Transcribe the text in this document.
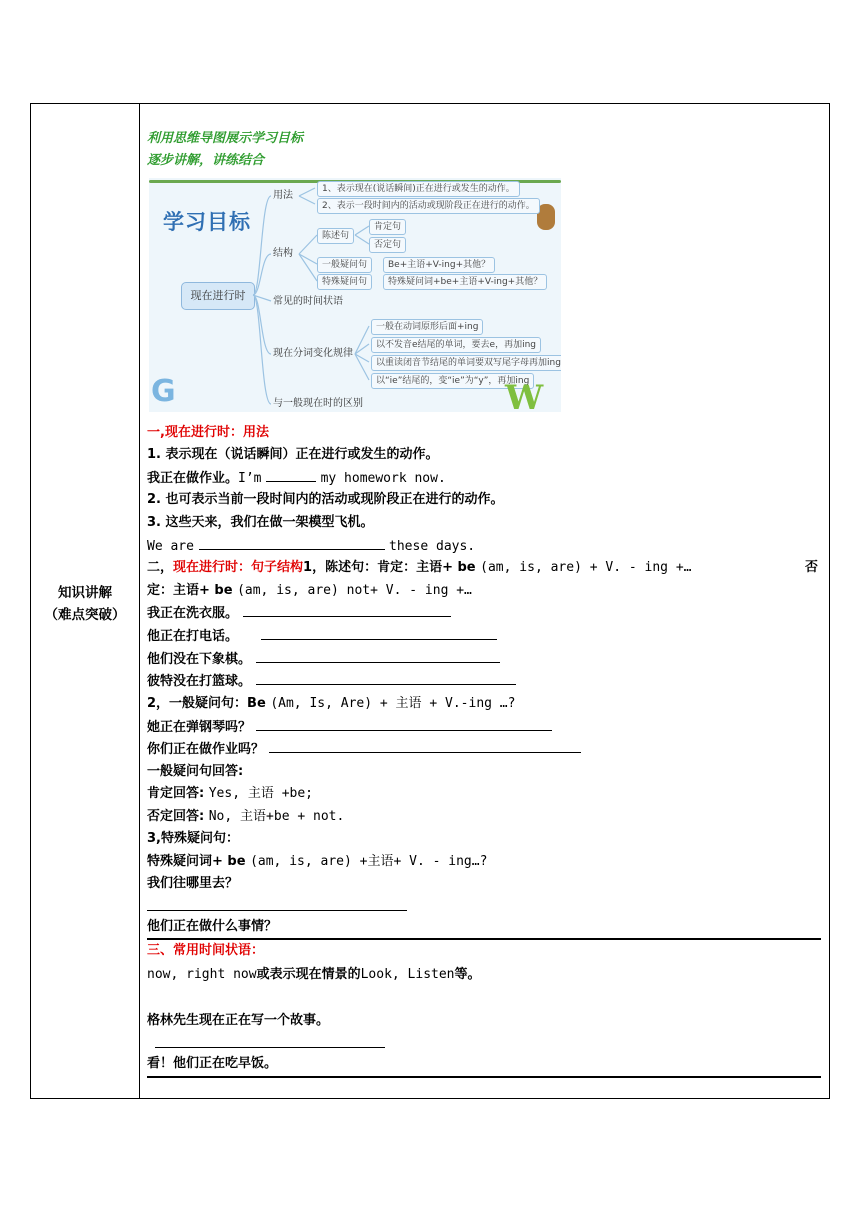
知识讲解
（难点突破）
利用思维导图展示学习目标
逐步讲解，讲练结合
学习目标
现在进行时
用法
1、表示现在(说话瞬间)正在进行或发生的动作。
2、表示一段时间内的活动或现阶段正在进行的动作。
结构
陈述句
肯定句
否定句
一般疑问句	Be+主语+V-ing+其他？
特殊疑问句	特殊疑问词+be+主语+V-ing+其他？
常见的时间状语
现在分词变化规律
一般在动词原形后面+ing
以不发音e结尾的单词，要去e，再加ing
以重读闭音节结尾的单词要双写尾字母再加ing
以“ie”结尾的，变“ie”为“y”，再加ing
与一般现在时的区别
G	W
一,现在进行时：用法
1. 表示现在（说话瞬间）正在进行或发生的动作。
我正在做作业。I’m	my homework now.
2. 也可表示当前一段时间内的活动或现阶段正在进行的动作。
3. 这些天来，我们在做一架模型飞机。
We are	these days.
二，现在进行时：句子结构1，陈述句：肯定：主语+ be (am, is, are) + V. - ing +…	否
定：主语+ be (am, is, are) not+ V. - ing +…
我正在洗衣服。
他正在打电话。
他们没在下象棋。
彼特没在打篮球。
2，一般疑问句：Be (Am, Is, Are) + 主语 + V.-ing …?
她正在弹钢琴吗？
你们正在做作业吗？
一般疑问句回答:
肯定回答: Yes, 主语 +be;
否定回答: No, 主语+be + not.
3,特殊疑问句：
特殊疑问词+ be (am, is, are) +主语+ V. - ing…?
我们往哪里去？
他们正在做什么事情？
三、常用时间状语：
now, right now或表示现在情景的Look, Listen等。
格林先生现在正在写一个故事。
看！他们正在吃早饭。
